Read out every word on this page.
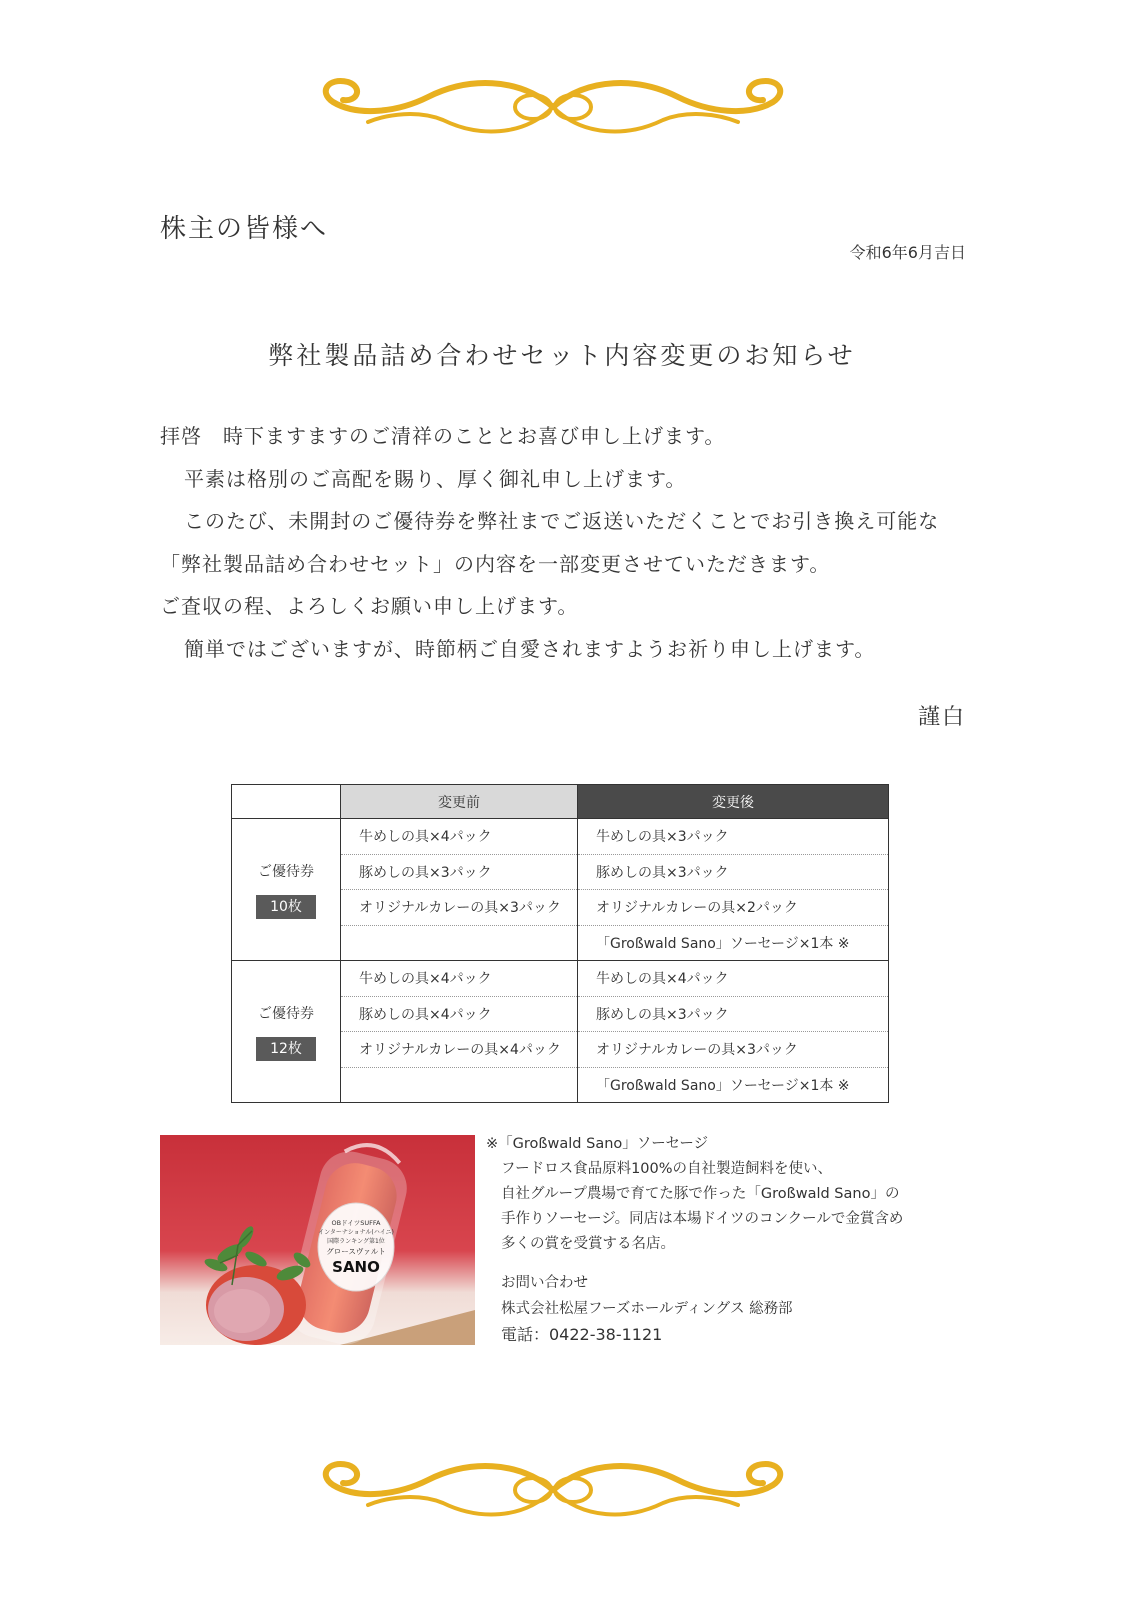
株主の皆様へ
令和6年6月吉日
弊社製品詰め合わせセット内容変更のお知らせ

拝啓　時下ますますのご清祥のこととお喜び申し上げます。

平素は格別のご高配を賜り、厚く御礼申し上げます。

このたび、未開封のご優待券を弊社までご返送いただくことでお引き換え可能な

「弊社製品詰め合わせセット」の内容を一部変更させていただきます。

ご査収の程、よろしくお願い申し上げます。

簡単ではございますが、時節柄ご自愛されますようお祈り申し上げます。

謹白
	変更前	変更後

ご優待券
10枚	牛めしの具×4パック	牛めしの具×3パック
	豚めしの具×3パック	豚めしの具×3パック
	オリジナルカレーの具×3パック	オリジナルカレーの具×2パック
		「Großwald Sano」ソーセージ×1本 ※

ご優待券
12枚	牛めしの具×4パック	牛めしの具×4パック
	豚めしの具×4パック	豚めしの具×3パック
	オリジナルカレーの具×4パック	オリジナルカレーの具×3パック
		「Großwald Sano」ソーセージ×1本 ※
OBドイツSUFFA
インターナショナル(ハイニ)
国際ランキング第1位
グロースヴァルト
SANO
※「Großwald Sano」ソーセージ
フードロス食品原料100%の自社製造飼料を使い、
自社グループ農場で育てた豚で作った「Großwald Sano」の
手作りソーセージ。同店は本場ドイツのコンクールで金賞含め
多くの賞を受賞する名店。
お問い合わせ
株式会社松屋フーズホールディングス 総務部
電話：0422-38-1121
